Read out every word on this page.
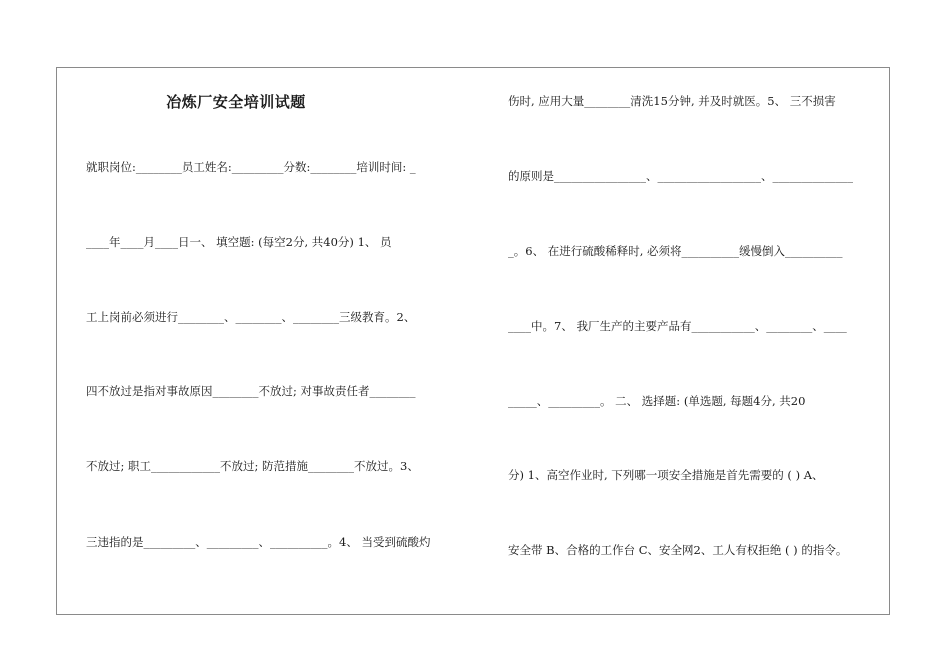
冶炼厂安全培训试题
就职岗位:________员工姓名:_________分数:________培训时间: _
____年____月____日一、 填空题: (每空2分, 共40分) 1、 员
工上岗前必须进行________、________、________三级教育。2、
四不放过是指对事故原因________不放过; 对事故责任者________
不放过; 职工____________不放过; 防范措施________不放过。3、
三违指的是_________、_________、__________。4、 当受到硫酸灼
伤时, 应用大量________清洗15分钟, 并及时就医。5、 三不损害
的原则是________________、__________________、______________
_。6、 在进行硫酸稀释时, 必须将__________缓慢倒入__________
____中。7、 我厂生产的主要产品有___________、________、____
_____、_________。 二、 选择题: (单选题, 每题4分, 共20
分) 1、高空作业时, 下列哪一项安全措施是首先需要的 ( ) A、
安全带 B、合格的工作台 C、安全网2、工人有权拒绝 ( ) 的指令。
